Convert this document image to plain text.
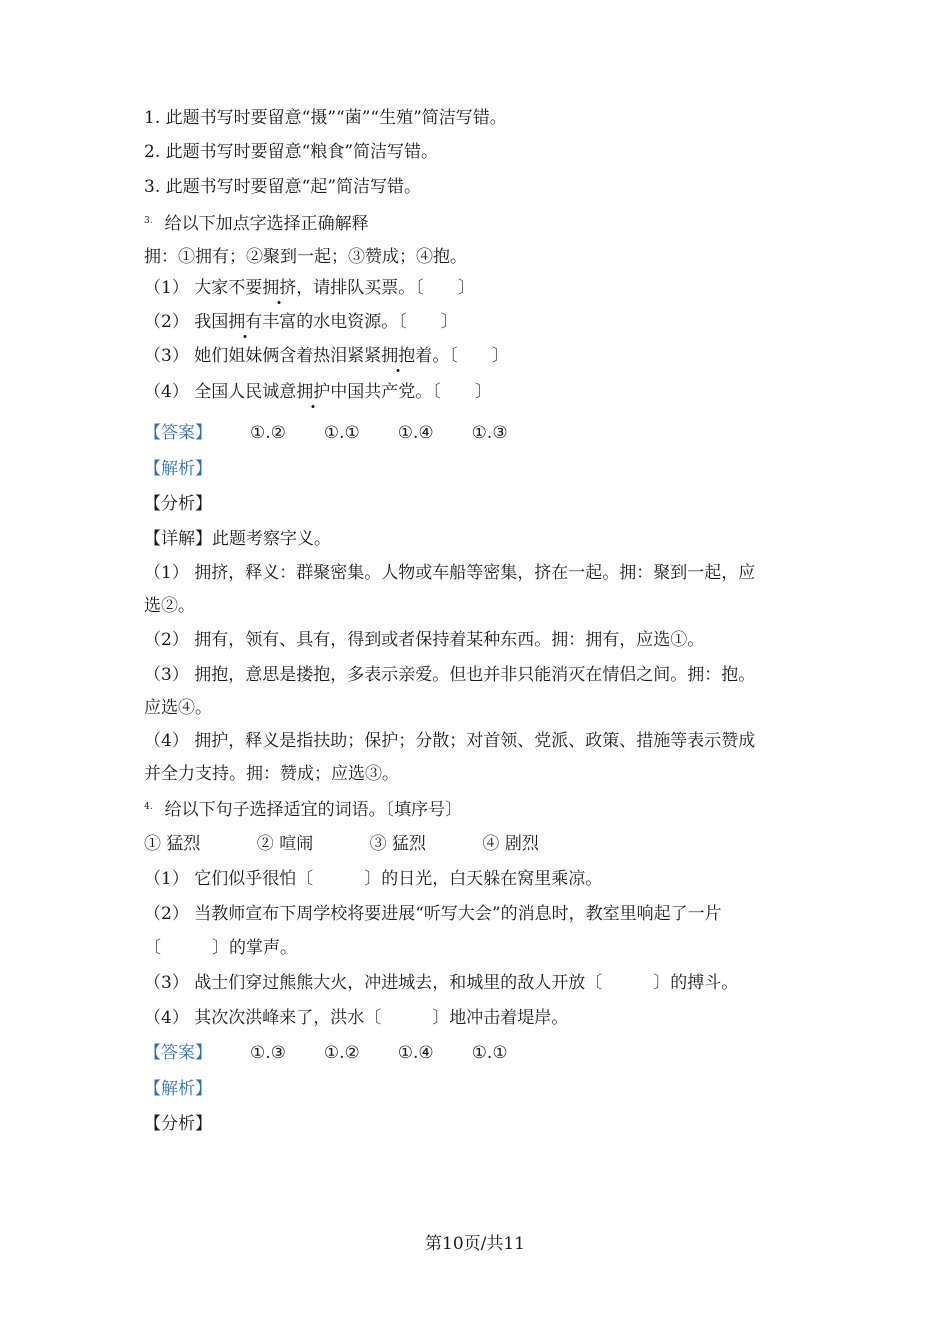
1. 此题书写时要留意“摄”“菌”“生殖”简洁写错。
2. 此题书写时要留意“粮食”简洁写错。
3. 此题书写时要留意“起”简洁写错。
$^{3.}$ 给以下加点字选择正确解释
拥：①拥有；②聚到一起；③赞成；④抱。
（1） 大家不要拥挤，请排队买票。〔　　〕
（2） 我国拥有丰富的水电资源。〔　　〕
（3） 她们姐妹俩含着热泪紧紧拥抱着。〔　　〕
（4） 全国人民诚意拥护中国共产党。〔　　〕
【答案】 ①.② ①.① ①.④ ①.③
【解析】
【分析】
【详解】此题考察字义。
（1） 拥挤，释义：群聚密集。人物或车船等密集，挤在一起。拥：聚到一起，应
选②。
（2） 拥有，领有、具有，得到或者保持着某种东西。拥：拥有，应选①。
（3） 拥抱，意思是搂抱，多表示亲爱。但也并非只能消灭在情侣之间。拥：抱。
应选④。
（4） 拥护，释义是指扶助；保护；分散；对首领、党派、政策、措施等表示赞成
并全力支持。拥：赞成；应选③。
$^{4.}$ 给以下句子选择适宜的词语。〔填序号〕
① 猛烈　　　 ② 喧闹　　　 ③ 猛烈　　　 ④ 剧烈
（1） 它们似乎很怕〔　　　〕的日光，白天躲在窝里乘凉。
（2） 当教师宣布下周学校将要进展“听写大会”的消息时，教室里响起了一片
〔　　　〕的掌声。
（3） 战士们穿过熊熊大火，冲进城去，和城里的敌人开放〔　　　〕的搏斗。
（4） 其次次洪峰来了，洪水〔　　　〕地冲击着堤岸。
【答案】 ①.③ ①.② ①.④ ①.①
【解析】
【分析】
第10页/共11
